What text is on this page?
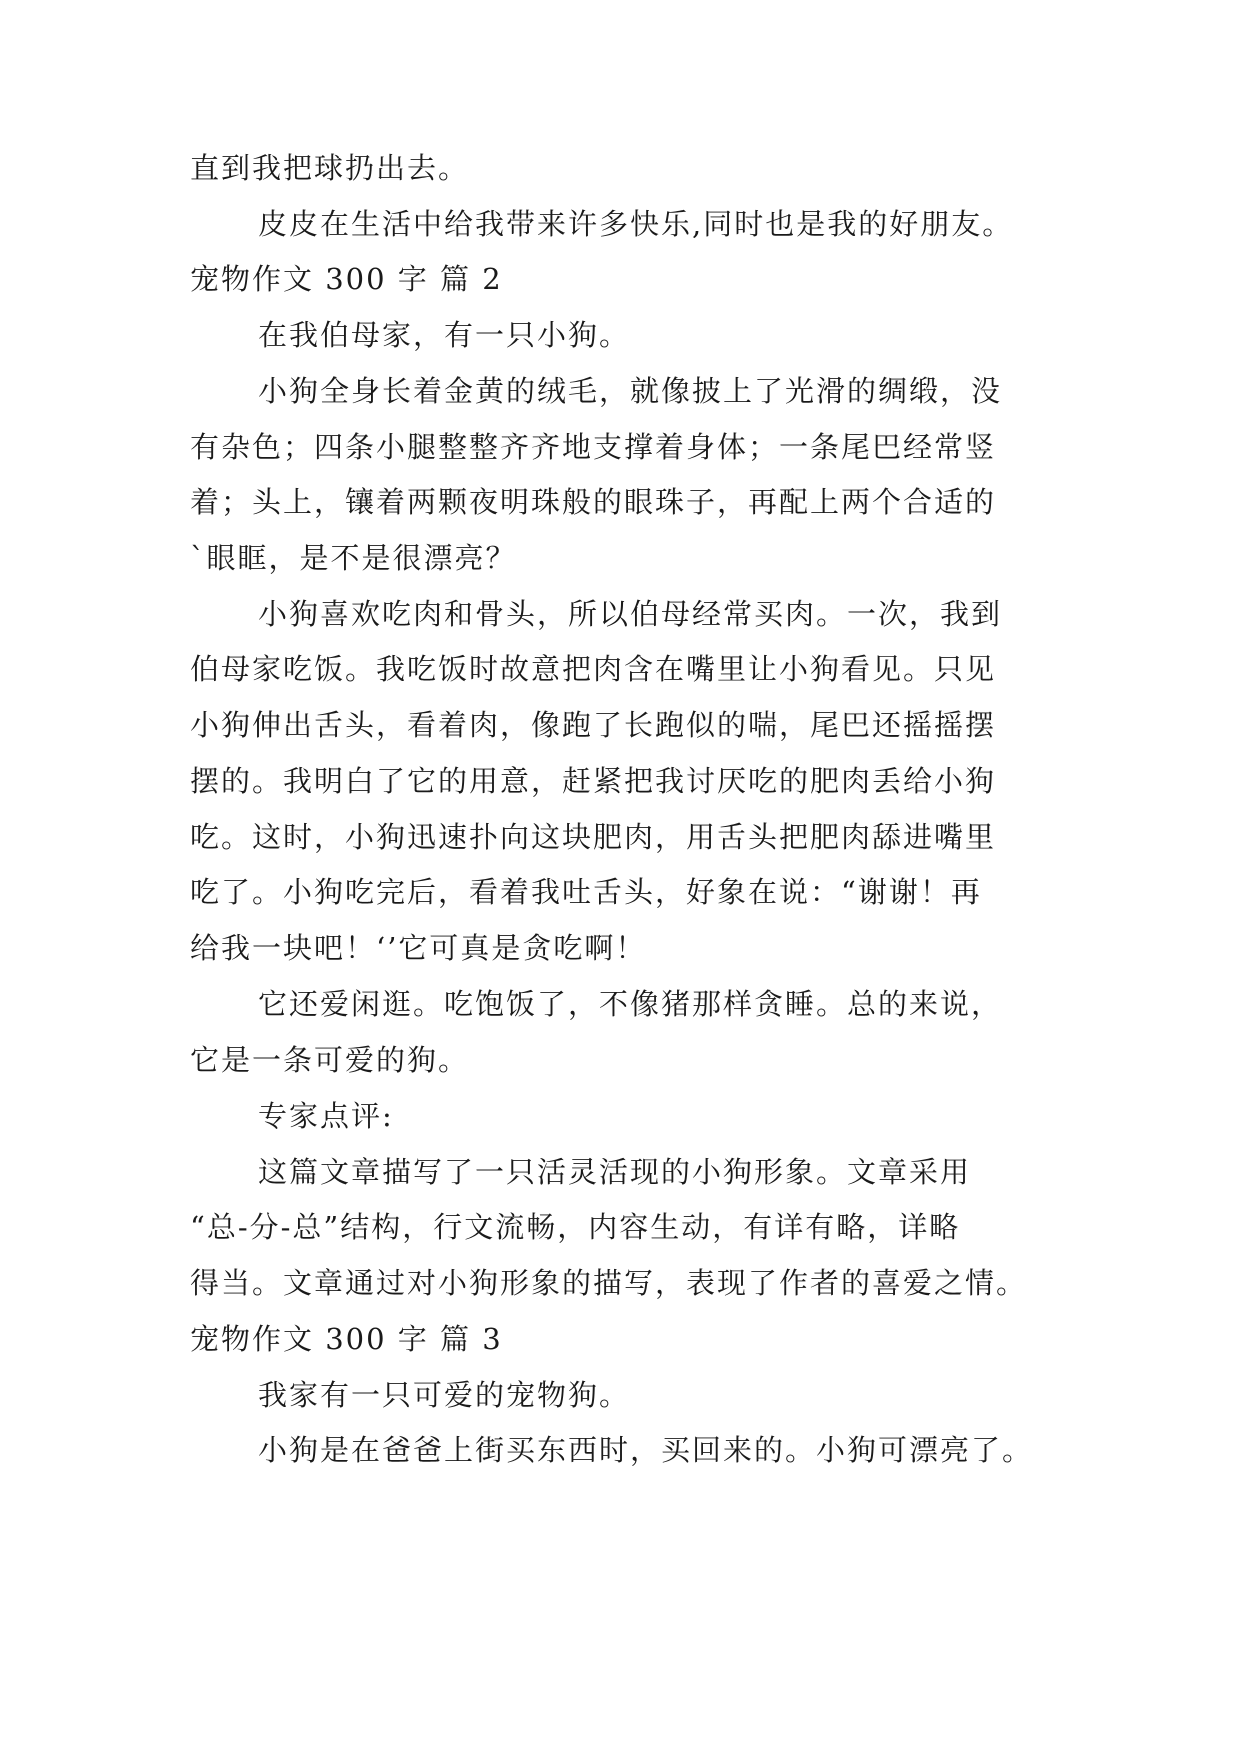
直到我把球扔出去。
皮皮在生活中给我带来许多快乐,同时也是我的好朋友。
宠物作文 300 字 篇 2
在我伯母家，有一只小狗。
小狗全身长着金黄的绒毛，就像披上了光滑的绸缎，没
有杂色；四条小腿整整齐齐地支撑着身体；一条尾巴经常竖
着；头上，镶着两颗夜明珠般的眼珠子，再配上两个合适的
`眼眶，是不是很漂亮？
小狗喜欢吃肉和骨头，所以伯母经常买肉。一次，我到
伯母家吃饭。我吃饭时故意把肉含在嘴里让小狗看见。只见
小狗伸出舌头，看着肉，像跑了长跑似的喘，尾巴还摇摇摆
摆的。我明白了它的用意，赶紧把我讨厌吃的肥肉丢给小狗
吃。这时，小狗迅速扑向这块肥肉，用舌头把肥肉舔进嘴里
吃了。小狗吃完后，看着我吐舌头，好象在说：“谢谢！再
给我一块吧！‘’它可真是贪吃啊！
它还爱闲逛。吃饱饭了，不像猪那样贪睡。总的来说，
它是一条可爱的狗。
专家点评:
这篇文章描写了一只活灵活现的小狗形象。文章采用
“总-分-总”结构，行文流畅，内容生动，有详有略，详略
得当。文章通过对小狗形象的描写，表现了作者的喜爱之情。
宠物作文 300 字 篇 3
我家有一只可爱的宠物狗。
小狗是在爸爸上街买东西时，买回来的。小狗可漂亮了。
